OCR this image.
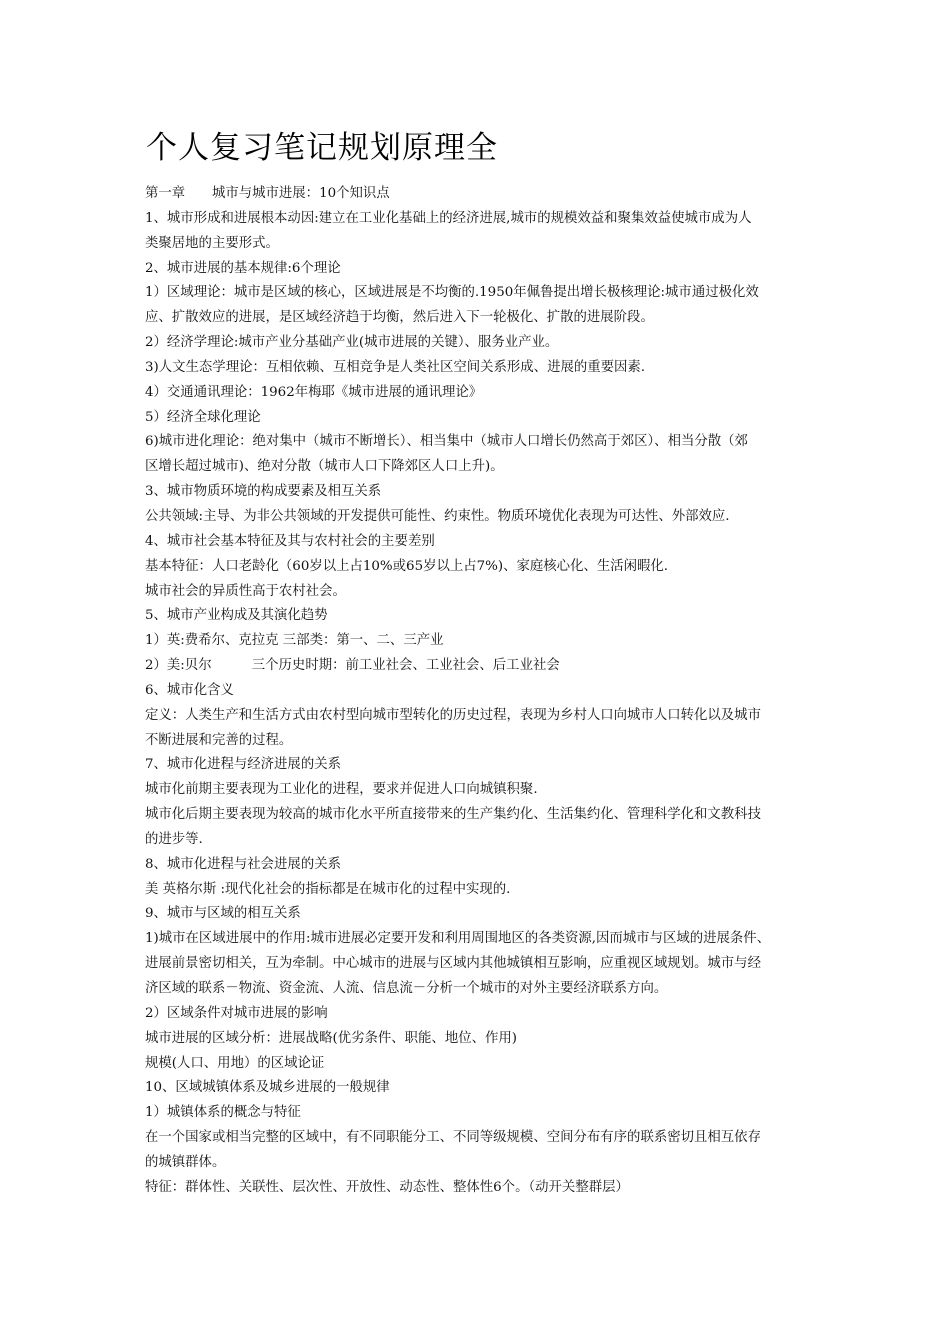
个人复习笔记规划原理全

第一章　　城市与城市进展：10个知识点

1、城市形成和进展根本动因:建立在工业化基础上的经济进展,城市的规模效益和聚集效益使城市成为人

类聚居地的主要形式。

2、城市进展的基本规律:6个理论

1）区域理论：城市是区域的核心，区域进展是不均衡的.1950年佩鲁提出增长极核理论:城市通过极化效

应、扩散效应的进展，是区域经济趋于均衡，然后进入下一轮极化、扩散的进展阶段。

2）经济学理论:城市产业分基础产业(城市进展的关键）、服务业产业。

3)人文生态学理论：互相依赖、互相竞争是人类社区空间关系形成、进展的重要因素.

4）交通通讯理论：1962年梅耶《城市进展的通讯理论》

5）经济全球化理论

6)城市进化理论：绝对集中（城市不断增长）、相当集中（城市人口增长仍然高于郊区）、相当分散（郊

区增长超过城市)、绝对分散（城市人口下降郊区人口上升)。

3、城市物质环境的构成要素及相互关系

公共领域:主导、为非公共领域的开发提供可能性、约束性。物质环境优化表现为可达性、外部效应.

4、城市社会基本特征及其与农村社会的主要差别

基本特征：人口老龄化（60岁以上占10%或65岁以上占7%)、家庭核心化、生活闲暇化.

城市社会的异质性高于农村社会。

5、城市产业构成及其演化趋势

1）英:费希尔、克拉克 三部类：第一、二、三产业

2）美:贝尔　　　三个历史时期：前工业社会、工业社会、后工业社会

6、城市化含义

定义：人类生产和生活方式由农村型向城市型转化的历史过程，表现为乡村人口向城市人口转化以及城市

不断进展和完善的过程。

7、城市化进程与经济进展的关系

城市化前期主要表现为工业化的进程，要求并促进人口向城镇积聚.

城市化后期主要表现为较高的城市化水平所直接带来的生产集约化、生活集约化、管理科学化和文教科技

的进步等.

8、城市化进程与社会进展的关系

美 英格尔斯 :现代化社会的指标都是在城市化的过程中实现的.

9、城市与区域的相互关系

1)城市在区域进展中的作用:城市进展必定要开发和利用周围地区的各类资源,因而城市与区域的进展条件、

进展前景密切相关，互为牵制。中心城市的进展与区域内其他城镇相互影响，应重视区域规划。城市与经

济区域的联系－物流、资金流、人流、信息流－分析一个城市的对外主要经济联系方向。

2）区域条件对城市进展的影响

城市进展的区域分析：进展战略(优劣条件、职能、地位、作用)

规模(人口、用地）的区域论证

10、区域城镇体系及城乡进展的一般规律

1）城镇体系的概念与特征

在一个国家或相当完整的区域中，有不同职能分工、不同等级规模、空间分布有序的联系密切且相互依存

的城镇群体。

特征：群体性、关联性、层次性、开放性、动态性、整体性6个。（动开关整群层）
